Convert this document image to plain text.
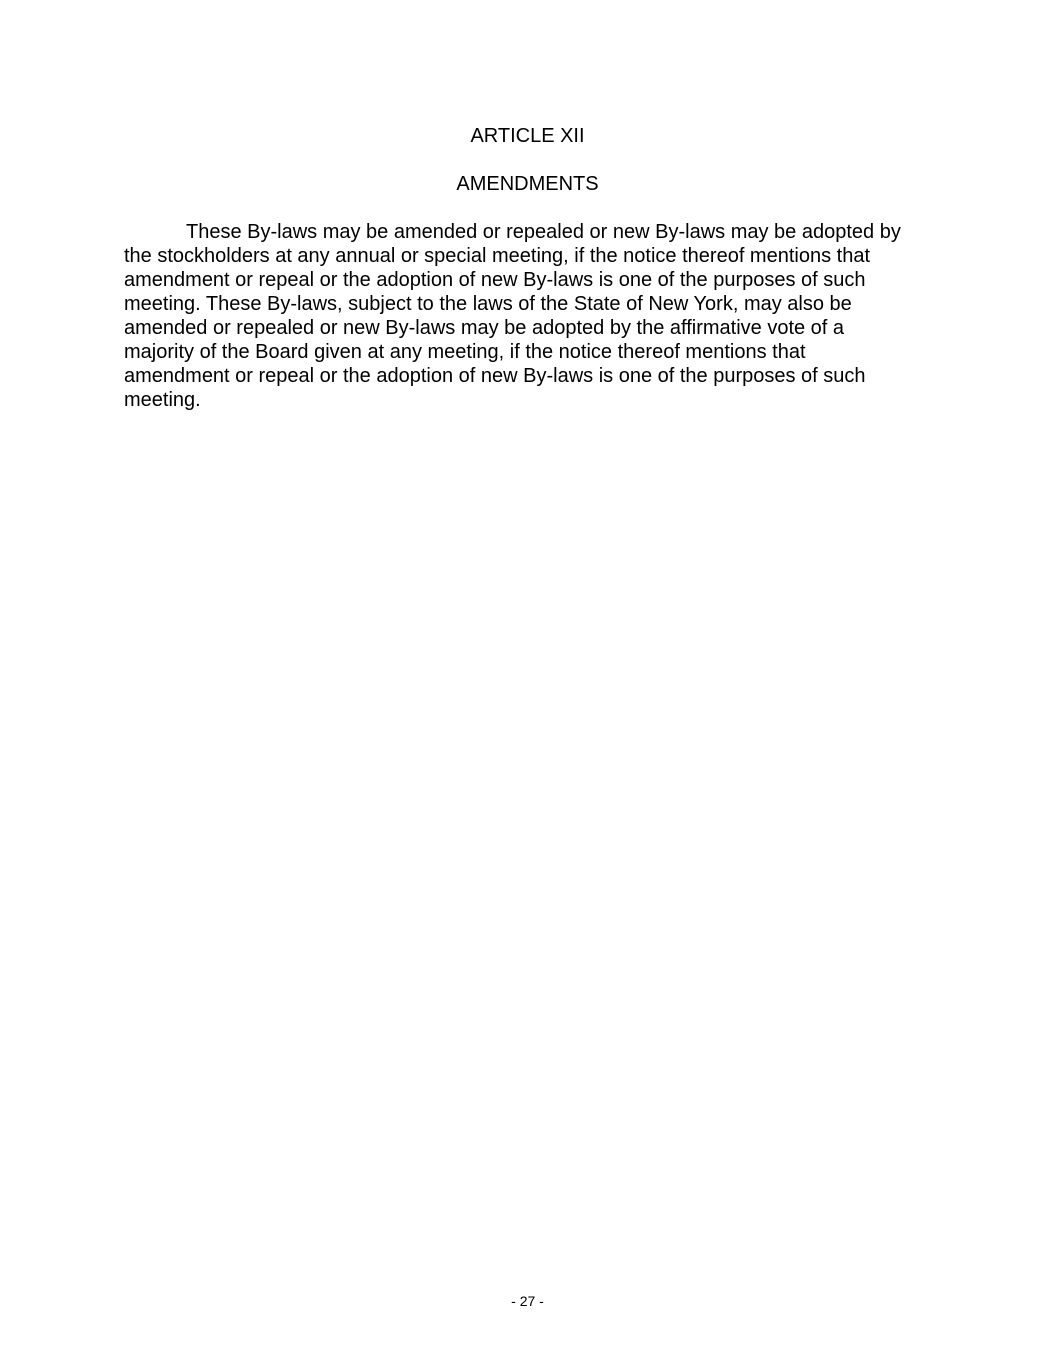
ARTICLE XII
AMENDMENTS

These By-laws may be amended or repealed or new By-laws may be adopted by
the stockholders at any annual or special meeting, if the notice thereof mentions that
amendment or repeal or the adoption of new By-laws is one of the purposes of such
meeting. These By-laws, subject to the laws of the State of New York, may also be
amended or repealed or new By-laws may be adopted by the affirmative vote of a
majority of the Board given at any meeting, if the notice thereof mentions that
amendment or repeal or the adoption of new By-laws is one of the purposes of such
meeting.

- 27 -
